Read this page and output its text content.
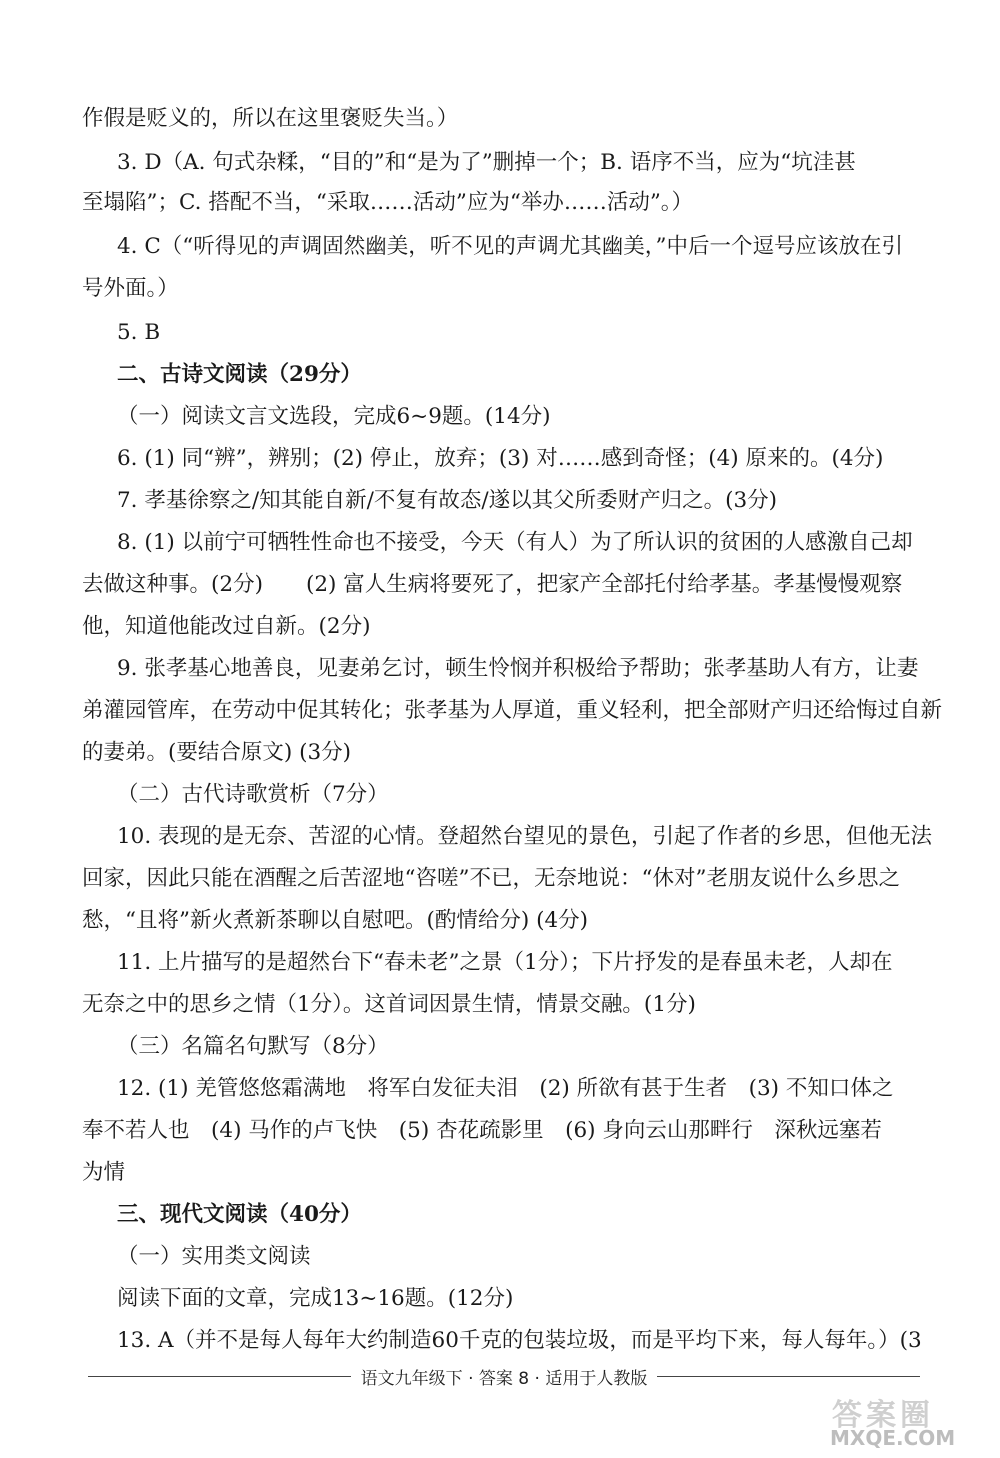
作假是贬义的，所以在这里褒贬失当。）
3. D（A. 句式杂糅，“目的”和“是为了”删掉一个；B. 语序不当，应为“坑洼甚
至塌陷”；C. 搭配不当，“采取……活动”应为“举办……活动”。）
4. C（“听得见的声调固然幽美，听不见的声调尤其幽美，”中后一个逗号应该放在引
号外面。）
5. B
二、古诗文阅读（29分）
（一）阅读文言文选段，完成6~9题。(14分)
6. (1) 同“辨”，辨别；(2) 停止，放弃；(3) 对……感到奇怪；(4) 原来的。(4分)
7. 孝基徐察之/知其能自新/不复有故态/遂以其父所委财产归之。(3分)
8. (1) 以前宁可牺牲性命也不接受，今天（有人）为了所认识的贫困的人感激自己却
去做这种事。(2分)　　(2) 富人生病将要死了，把家产全部托付给孝基。孝基慢慢观察
他，知道他能改过自新。(2分)
9. 张孝基心地善良，见妻弟乞讨，顿生怜悯并积极给予帮助；张孝基助人有方，让妻
弟灌园管库，在劳动中促其转化；张孝基为人厚道，重义轻利，把全部财产归还给悔过自新
的妻弟。(要结合原文) (3分)
（二）古代诗歌赏析（7分）
10. 表现的是无奈、苦涩的心情。登超然台望见的景色，引起了作者的乡思，但他无法
回家，因此只能在酒醒之后苦涩地“咨嗟”不已，无奈地说：“休对”老朋友说什么乡思之
愁，“且将”新火煮新茶聊以自慰吧。(酌情给分) (4分)
11. 上片描写的是超然台下“春未老”之景（1分）；下片抒发的是春虽未老，人却在
无奈之中的思乡之情（1分）。这首词因景生情，情景交融。(1分)
（三）名篇名句默写（8分）
12. (1) 羌管悠悠霜满地　将军白发征夫泪　(2) 所欲有甚于生者　(3) 不知口体之
奉不若人也　(4) 马作的卢飞快　(5) 杏花疏影里　(6) 身向云山那畔行　深秋远塞若
为情
三、现代文阅读（40分）
（一）实用类文阅读
阅读下面的文章，完成13~16题。(12分)
13. A（并不是每人每年大约制造60千克的包装垃圾，而是平均下来，每人每年。）(3
语文九年级下 · 答案 8 · 适用于人教版
答案圈
MXQE.COM
